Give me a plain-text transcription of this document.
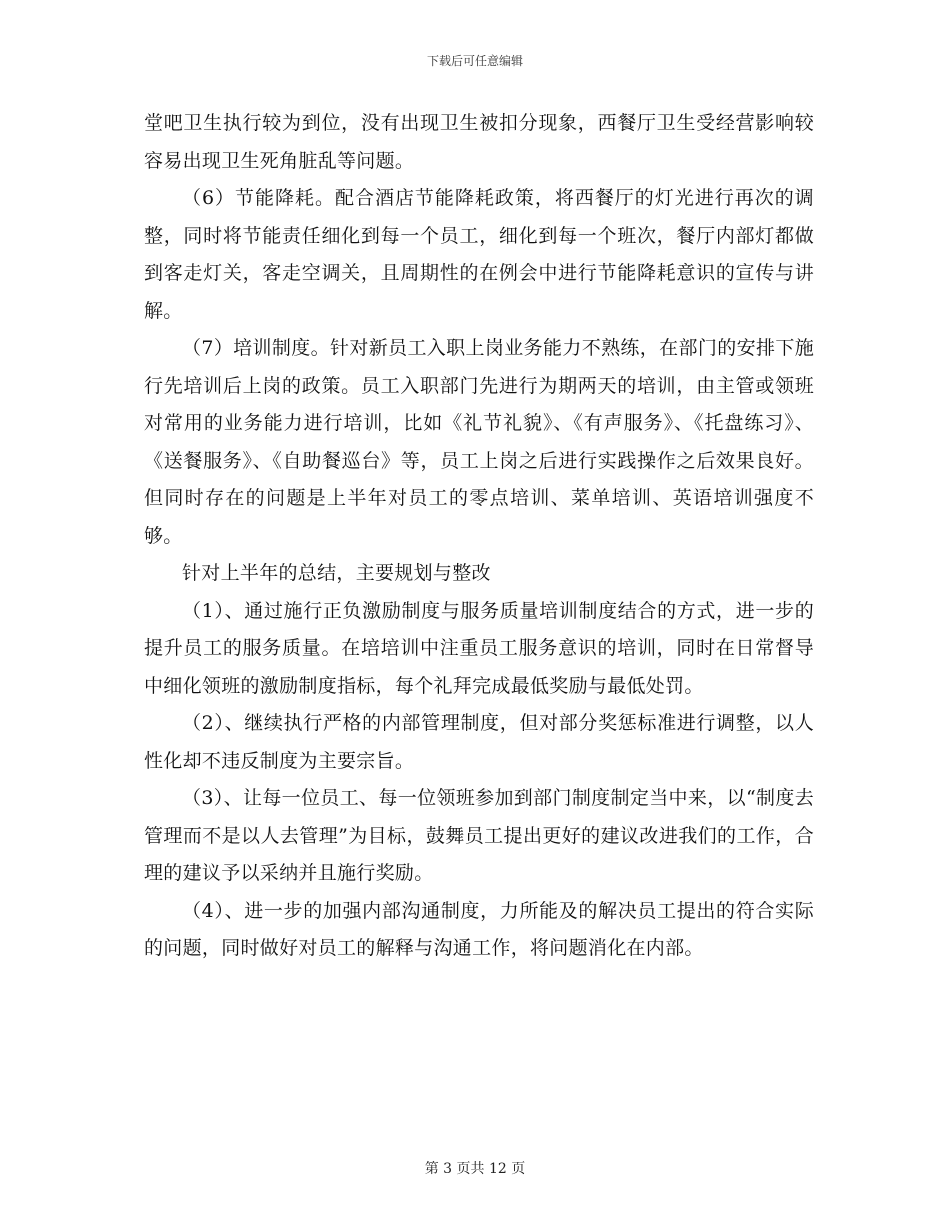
下载后可任意编辑

堂吧卫生执行较为到位，没有出现卫生被扣分现象，西餐厅卫生受经营影响较容易出现卫生死角脏乱等问题。

（6）节能降耗。配合酒店节能降耗政策，将西餐厅的灯光进行再次的调整，同时将节能责任细化到每一个员工，细化到每一个班次，餐厅内部灯都做到客走灯关，客走空调关，且周期性的在例会中进行节能降耗意识的宣传与讲解。

（7）培训制度。针对新员工入职上岗业务能力不熟练，在部门的安排下施行先培训后上岗的政策。员工入职部门先进行为期两天的培训，由主管或领班对常用的业务能力进行培训，比如《礼节礼貌》、《有声服务》、《托盘练习》、《送餐服务》、《自助餐巡台》等，员工上岗之后进行实践操作之后效果良好。但同时存在的问题是上半年对员工的零点培训、菜单培训、英语培训强度不够。

针对上半年的总结，主要规划与整改

（1）、通过施行正负激励制度与服务质量培训制度结合的方式，进一步的提升员工的服务质量。在培培训中注重员工服务意识的培训，同时在日常督导中细化领班的激励制度指标，每个礼拜完成最低奖励与最低处罚。

（2）、继续执行严格的内部管理制度，但对部分奖惩标准进行调整，以人性化却不违反制度为主要宗旨。

（3）、让每一位员工、每一位领班参加到部门制度制定当中来，以“制度去管理而不是以人去管理”为目标，鼓舞员工提出更好的建议改进我们的工作，合理的建议予以采纳并且施行奖励。

（4）、进一步的加强内部沟通制度，力所能及的解决员工提出的符合实际的问题，同时做好对员工的解释与沟通工作，将问题消化在内部。

第 3 页共 12 页
